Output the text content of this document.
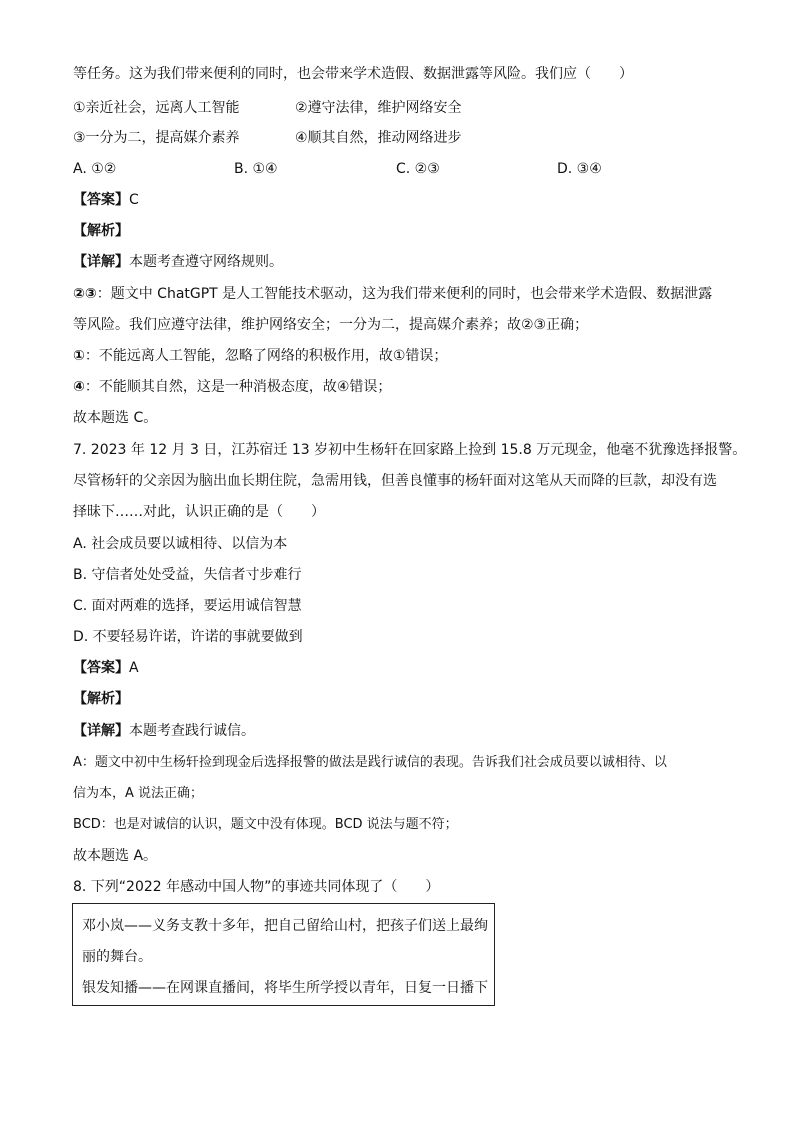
等任务。这为我们带来便利的同时，也会带来学术造假、数据泄露等风险。我们应（　　）
①亲近社会，远离人工智能	②遵守法律，维护网络安全
③一分为二，提高媒介素养	④顺其自然，推动网络进步
A. ①②	B. ①④	C. ②③	D. ③④
【答案】C
【解析】
【详解】本题考查遵守网络规则。
②③：题文中 ChatGPT 是人工智能技术驱动，这为我们带来便利的同时，也会带来学术造假、数据泄露
等风险。我们应遵守法律，维护网络安全；一分为二，提高媒介素养；故②③正确；
①：不能远离人工智能，忽略了网络的积极作用，故①错误；
④：不能顺其自然，这是一种消极态度，故④错误；
故本题选 C。
7. 2023 年 12 月 3 日，江苏宿迁 13 岁初中生杨轩在回家路上捡到 15.8 万元现金，他毫不犹豫选择报警。
尽管杨轩的父亲因为脑出血长期住院，急需用钱，但善良懂事的杨轩面对这笔从天而降的巨款，却没有选
择昧下……对此，认识正确的是（　　）
A. 社会成员要以诚相待、以信为本
B. 守信者处处受益，失信者寸步难行
C. 面对两难的选择，要运用诚信智慧
D. 不要轻易许诺，许诺的事就要做到
【答案】A
【解析】
【详解】本题考查践行诚信。
A：题文中初中生杨轩捡到现金后选择报警的做法是践行诚信的表现。告诉我们社会成员要以诚相待、以
信为本，A 说法正确；
BCD：也是对诚信的认识，题文中没有体现。BCD 说法与题不符；
故本题选 A。
8. 下列“2022 年感动中国人物”的事迹共同体现了（　　）
邓小岚——义务支教十多年，把自己留给山村，把孩子们送上最绚
丽的舞台。
银发知播——在网课直播间，将毕生所学授以青年，日复一日播下
